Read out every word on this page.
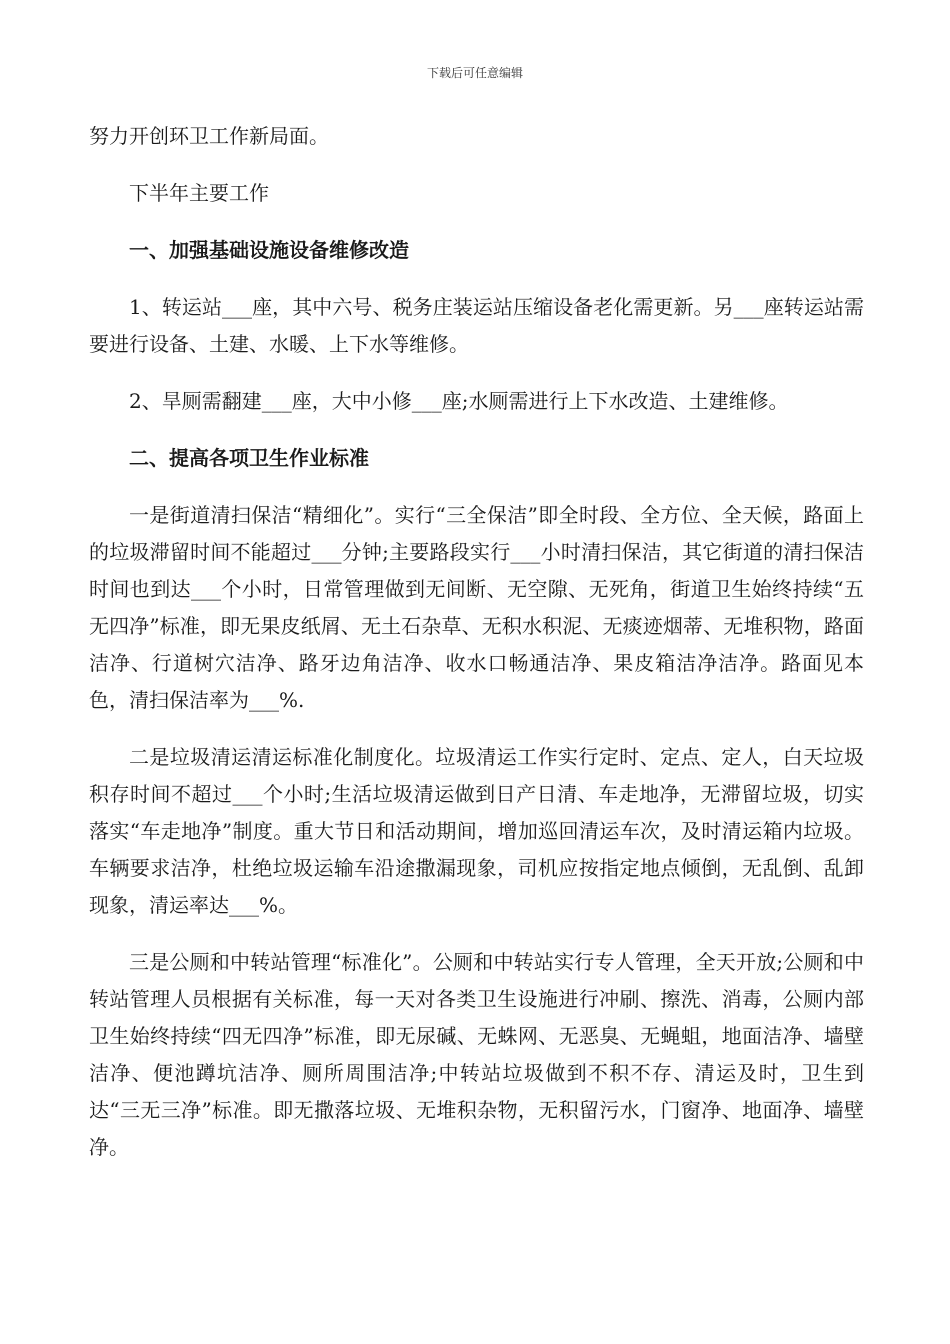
下载后可任意编辑

努力开创环卫工作新局面。

下半年主要工作

一、加强基础设施设备维修改造

1、转运站___座，其中六号、税务庄装运站压缩设备老化需更新。另___座转运站需要进行设备、土建、水暖、上下水等维修。

2、旱厕需翻建___座，大中小修___座;水厕需进行上下水改造、土建维修。

二、提高各项卫生作业标准

一是街道清扫保洁“精细化”。实行“三全保洁”即全时段、全方位、全天候，路面上的垃圾滞留时间不能超过___分钟;主要路段实行___小时清扫保洁，其它街道的清扫保洁时间也到达___个小时，日常管理做到无间断、无空隙、无死角，街道卫生始终持续“五无四净”标准，即无果皮纸屑、无土石杂草、无积水积泥、无痰迹烟蒂、无堆积物，路面洁净、行道树穴洁净、路牙边角洁净、收水口畅通洁净、果皮箱洁净洁净。路面见本色，清扫保洁率为___%.

二是垃圾清运清运标准化制度化。垃圾清运工作实行定时、定点、定人，白天垃圾积存时间不超过___个小时;生活垃圾清运做到日产日清、车走地净，无滞留垃圾，切实落实“车走地净”制度。重大节日和活动期间，增加巡回清运车次，及时清运箱内垃圾。车辆要求洁净，杜绝垃圾运输车沿途撒漏现象，司机应按指定地点倾倒，无乱倒、乱卸现象，清运率达___%。

三是公厕和中转站管理“标准化”。公厕和中转站实行专人管理，全天开放;公厕和中转站管理人员根据有关标准，每一天对各类卫生设施进行冲刷、擦洗、消毒，公厕内部卫生始终持续“四无四净”标准，即无尿碱、无蛛网、无恶臭、无蝇蛆，地面洁净、墙壁洁净、便池蹲坑洁净、厕所周围洁净;中转站垃圾做到不积不存、清运及时，卫生到达“三无三净”标准。即无撒落垃圾、无堆积杂物，无积留污水，门窗净、地面净、墙壁净。
